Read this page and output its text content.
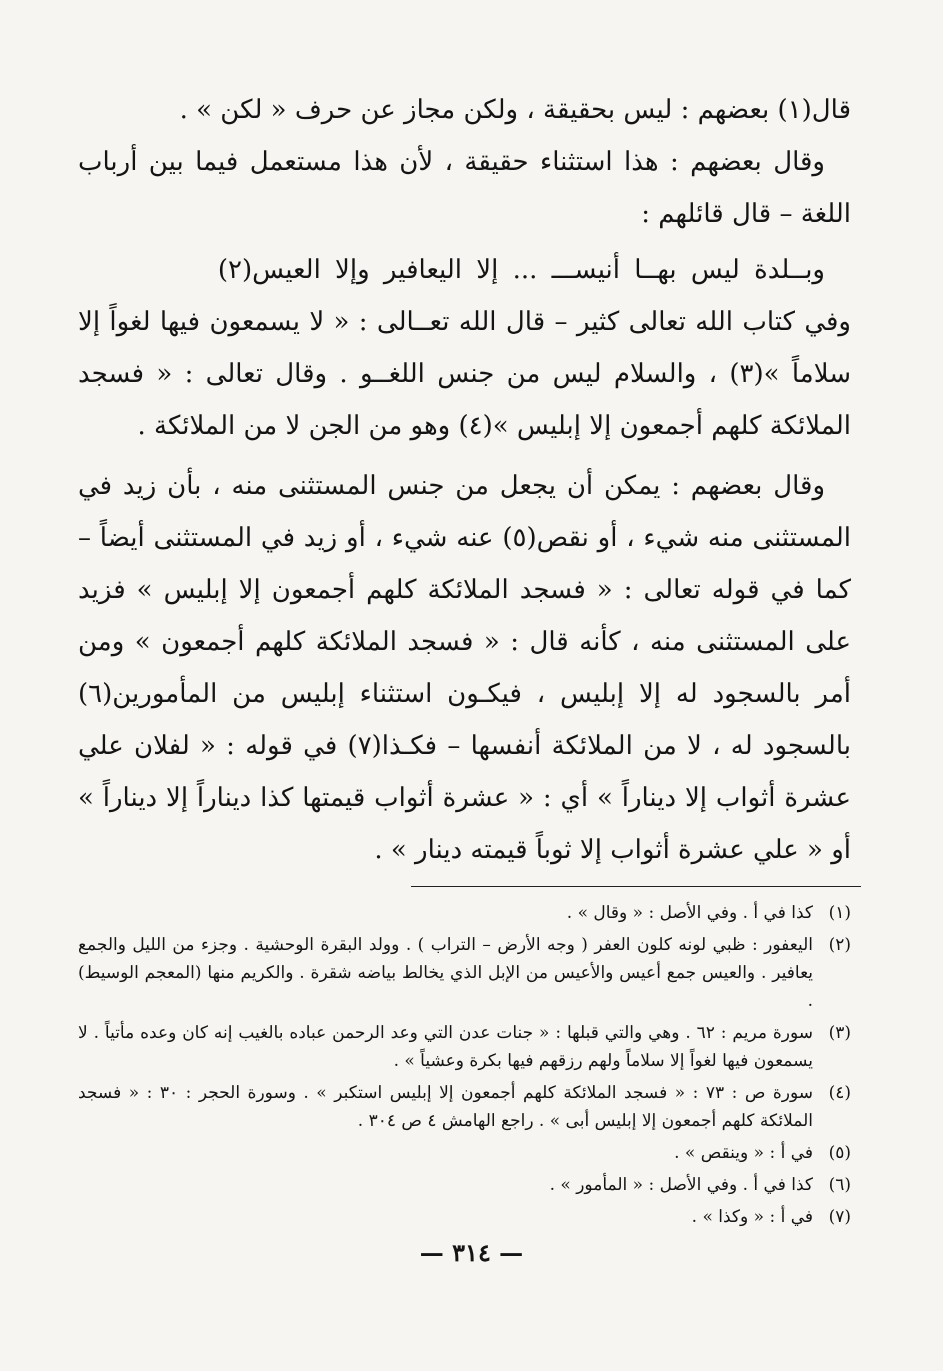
قال(١) بعضهم : ليس بحقيقة ، ولكن مجاز عن حرف « لكن » .

وقال بعضهم : هذا استثناء حقيقة ، لأن هذا مستعمل فيما بين أرباب اللغة – قال قائلهم :

وبــلدة ليس بهــا أنيســـ ... إلا اليعافير وإلا العيس(٢)

وفي كتاب الله تعالى كثير – قال الله تعــالى : « لا يسمعون فيها لغواً إلا سلاماً »(٣) ، والسلام ليس من جنس اللغــو . وقال تعالى : « فسجد الملائكة كلهم أجمعون إلا إبليس »(٤) وهو من الجن لا من الملائكة .

وقال بعضهم : يمكن أن يجعل من جنس المستثنى منه ، بأن زيد في المستثنى منه شيء ، أو نقص(٥) عنه شيء ، أو زيد في المستثنى أيضاً – كما في قوله تعالى : « فسجد الملائكة كلهم أجمعون إلا إبليس » فزيد على المستثنى منه ، كأنه قال : « فسجد الملائكة كلهم أجمعون » ومن أمر بالسجود له إلا إبليس ، فيكـون استثناء إبليس من المأمورين(٦) بالسجود له ، لا من الملائكة أنفسها – فكـذا(٧) في قوله : « لفلان علي عشرة أثواب إلا ديناراً » أي : « عشرة أثواب قيمتها كذا ديناراً إلا ديناراً » أو « علي عشرة أثواب إلا ثوباً قيمته دينار » .

(١)
كذا في أ . وفي الأصل : « وقال » .
(٢)
اليعفور : ظبي لونه كلون العفر ( وجه الأرض – التراب ) . وولد البقرة الوحشية . وجزء من الليل والجمع يعافير . والعيس جمع أعيس والأعيس من الإبل الذي يخالط بياضه شقرة . والكريم منها (المعجم الوسيط) .
(٣)
سورة مريم : ٦٢ . وهي والتي قبلها : « جنات عدن التي وعد الرحمن عباده بالغيب إنه كان وعده مأتياً . لا يسمعون فيها لغواً إلا سلاماً ولهم رزقهم فيها بكرة وعشياً » .
(٤)
سورة ص : ٧٣ : « فسجد الملائكة كلهم أجمعون إلا إبليس استكبر » . وسورة الحجر : ٣٠ : « فسجد الملائكة كلهم أجمعون إلا إبليس أبى » . راجع الهامش ٤ ص ٣٠٤ .
(٥)
في أ : « وينقص » .
(٦)
كذا في أ . وفي الأصل : « المأمور » .
(٧)
في أ : « وكذا » .
— ٣١٤ —
